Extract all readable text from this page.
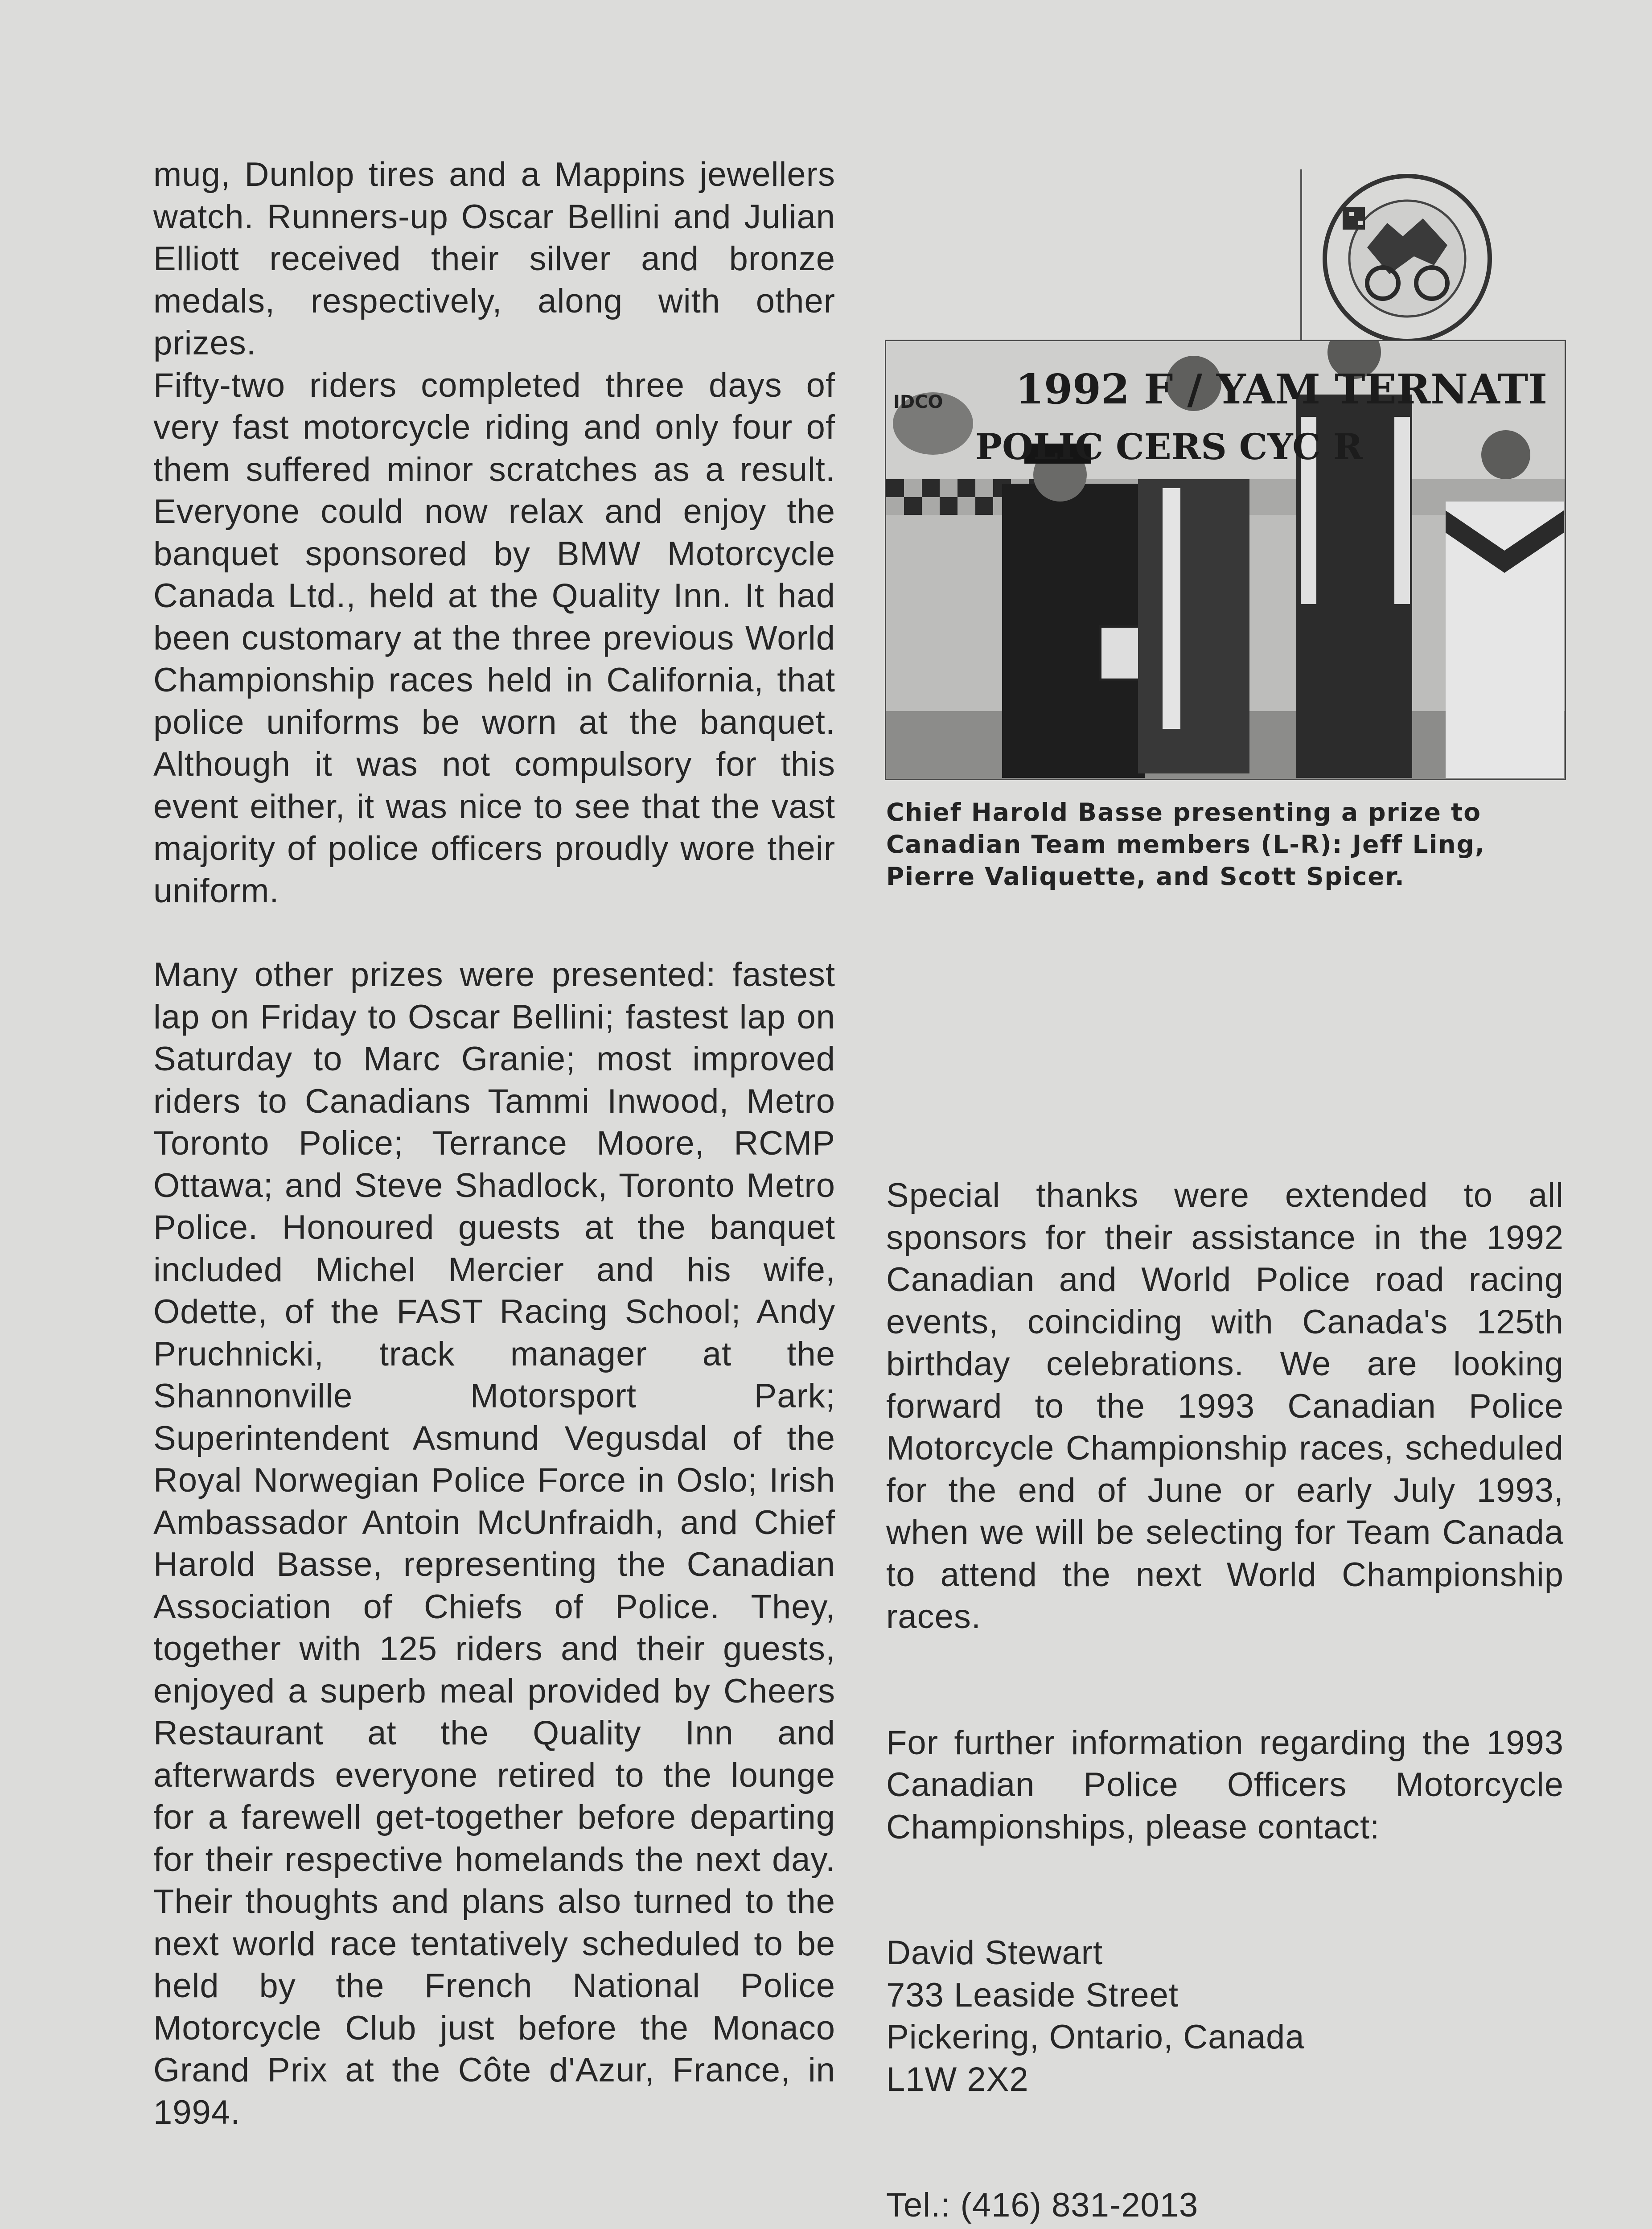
mug, Dunlop tires and a Mappins jewellers watch. Runners-up Oscar Bellini and Julian Elliott received their silver and bronze medals, respectively, along with other prizes.

Fifty-two riders completed three days of very fast motorcycle riding and only four of them suffered minor scratches as a result. Everyone could now relax and enjoy the banquet sponsored by BMW Motorcycle Canada Ltd., held at the Quality Inn. It had been customary at the three previous World Championship races held in California, that police uniforms be worn at the banquet. Although it was not compulsory for this event either, it was nice to see that the vast majority of police officers proudly wore their uniform.

Many other prizes were presented: fastest lap on Friday to Oscar Bellini; fastest lap on Saturday to Marc Granie; most improved riders to Canadians Tammi Inwood, Metro Toronto Police; Terrance Moore, RCMP Ottawa; and Steve Shadlock, Toronto Metro Police. Honoured guests at the banquet included Michel Mercier and his wife, Odette, of the FAST Racing School; Andy Pruchnicki, track manager at the Shannonville Motorsport Park; Superintendent Asmund Vegusdal of the Royal Norwegian Police Force in Oslo; Irish Ambassador Antoin McUnfraidh, and Chief Harold Basse, representing the Canadian Association of Chiefs of Police. They, together with 125 riders and their guests, enjoyed a superb meal provided by Cheers Restaurant at the Quality Inn and afterwards everyone retired to the lounge for a farewell get-together before departing for their respective homelands the next day. Their thoughts and plans also turned to the next world race tentatively scheduled to be held by the French National Police Motorcycle Club just before the Monaco Grand Prix at the Côte d'Azur, France, in 1994.

IDCO 1992 F / YAM TERNATI
POLIC CERS CYC R
Chief Harold Basse presenting a prize to Canadian Team members (L-R): Jeff Ling, Pierre Valiquette, and Scott Spicer.

Special thanks were extended to all sponsors for their assistance in the 1992 Canadian and World Police road racing events, coinciding with Canada's 125th birthday celebrations. We are looking forward to the 1993 Canadian Police Motorcycle Championship races, scheduled for the end of June or early July 1993, when we will be selecting for Team Canada to attend the next World Championship races.

For further information regarding the 1993 Canadian Police Officers Motorcycle Championships, please contact:

David Stewart
733 Leaside Street
Pickering, Ontario, Canada
L1W 2X2
Tel.: (416) 831-2013
